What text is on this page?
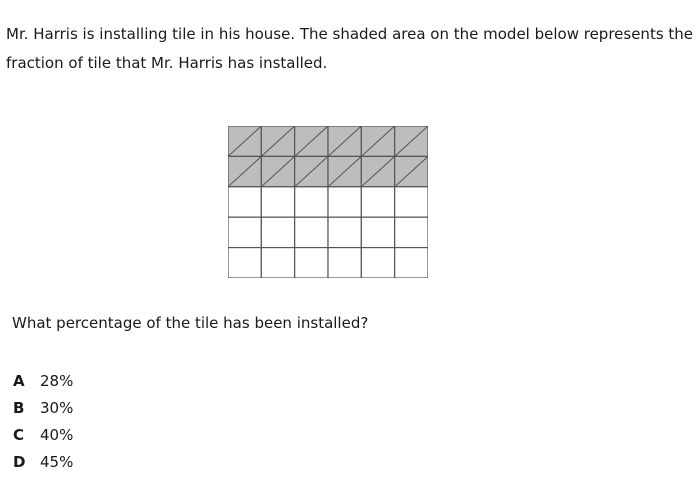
Mr. Harris is installing tile in his house. The shaded area on the model below represents the
fraction of tile that Mr. Harris has installed.

What percentage of the tile has been installed?

A	28%
B	30%
C	40%
D 45%
